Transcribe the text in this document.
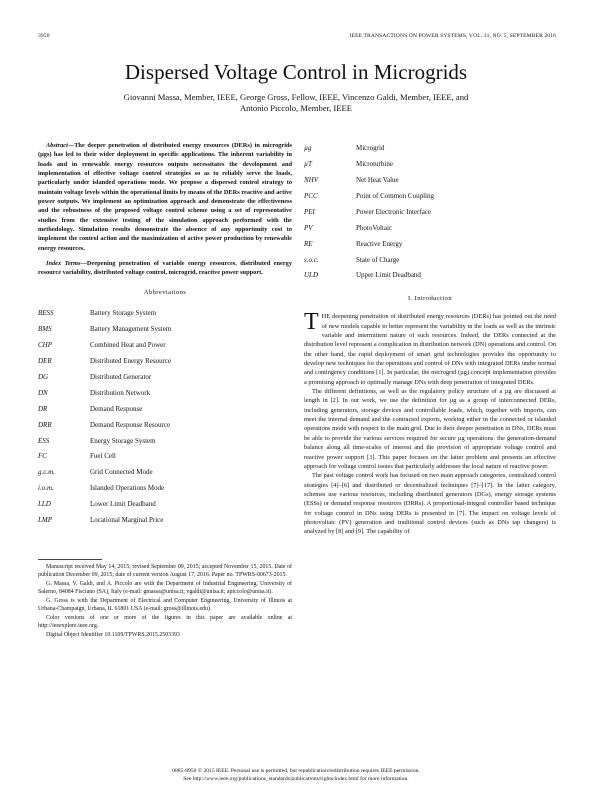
3950	IEEE TRANSACTIONS ON POWER SYSTEMS, VOL. 31, NO. 5, SEPTEMBER 2016
Dispersed Voltage Control in Microgrids
Giovanni Massa, Member, IEEE, George Gross, Fellow, IEEE, Vincenzo Galdi, Member, IEEE, and
Antonio Piccolo, Member, IEEE

Abstract—The deeper penetration of distributed energy resources (DERs) in microgrids (µgs) has led to their wider deployment in specific applications. The inherent variability in loads and in renewable energy resources outputs necessitates the development and implementation of effective voltage control strategies so as to reliably serve the loads, particularly under islanded operations mode. We propose a dispersed control strategy to maintain voltage levels within the operational limits by means of the DERs reactive and active power outputs. We implement an optimization approach and demonstrate the effectiveness and the robustness of the proposed voltage control scheme using a set of representative studies from the extensive testing of the simulation approach performed with the methodology. Simulation results demonstrate the absence of any opportunity cost to implement the control action and the maximization of active power production by renewable energy resources.

Index Terms—Deepening penetration of variable energy resources, distributed energy resource variability, distributed voltage control, microgrid, reactive power support.

Abbreviations
BESS	Battery Storage System
BMS	Battery Management System
CHP	Combined Heat and Power
DER	Distributed Energy Resource
DG	Distributed Generator
DN	Distribution Network
DR	Demand Response
DRR	Demand Response Resource
ESS	Energy Storage System
FC	Fuel Cell
g.c.m.	Grid Connected Mode
i.o.m.	Islanded Operations Mode
LLD	Lower Limit Deadband
LMP	Locational Marginal Price

Manuscript received May 14, 2015; revised September 09, 2015; accepted November 15, 2015. Date of publication December 09, 2015; date of current version August 17, 2016. Paper no. TPWRS-00673-2015.

G. Massa, V. Galdi, and A. Piccolo are with the Department of Industrial Engineering, University of Salerno, 84084 Fisciano (SA), Italy (e-mail: gmassa@unisa.it; vgaldi@unisa.it; apiccolo@unisa.it).

G. Gross is with the Department of Electrical and Computer Engineering, University of Illinois at Urbana-Champaign, Urbana, IL 61801 USA (e-mail: gross@illinois.edu).

Color versions of one or more of the figures in this paper are available online at http://ieeexplore.ieee.org.

Digital Object Identifier 10.1109/TPWRS.2015.2503393

µg	Microgrid
µT	Microturbine
NHV	Net Heat Value
PCC	Point of Common Coupling
PEI	Power Electronic Interface
PV	PhotoVoltaic
RE	Reactive Energy
s.o.c.	State of Charge
ULD	Upper Limit Deadband
I. Introduction

THE deepening penetration of distributed energy resources (DERs) has pointed out the need of new models capable to better represent the variability in the loads as well as the intrinsic variable and intermittent nature of such resources. Indeed, the DERs connected at the distribution level represent a complication in distribution network (DN) operations and control. On the other hand, the rapid deployment of smart grid technologies provides the opportunity to develop new techniques for the operations and control of DNs with integrated DERs under normal and contingency conditions [1]. In particular, the microgrid (µg) concept implementation provides a promising approach to optimally manage DNs with deep penetration of integrated DERs.

The different definitions, as well as the regulatory policy structure of a µg are discussed at length in [2]. In our work, we use the definition for µg as a group of interconnected DERs, including generators, storage devices and controllable loads, which, together with imports, can meet the internal demand and the contracted exports, working either in the connected or islanded operations mode with respect to the main grid. Due to their deeper penetration in DNs, DERs must be able to provide the various services required for secure µg operations: the generation-demand balance along all time-scales of interest and the provision of appropriate voltage control and reactive power support [3]. This paper focuses on the latter problem and presents an effective approach for voltage control issues that particularly addresses the local nature of reactive power.

The past voltage control work has focused on two main approach categories, centralized control strategies [4]–[6] and distributed or decentralized techniques [7]–[17]. In the latter category, schemes use various resources, including distributed generators (DGs), energy storage systems (ESSs) or demand response resources (DRRs). A proportional-integral controller based technique for voltage control in DNs using DERs is presented in [7]. The impact on voltage levels of photovoltaic (PV) generation and traditional control devices (such as DNs tap changers) is analyzed by [8] and [9]. The capability of

0885-8950 © 2015 IEEE. Personal use is permitted, but republication/redistribution requires IEEE permission.
See http://www.ieee.org/publications_standards/publications/rights/index.html for more information.
